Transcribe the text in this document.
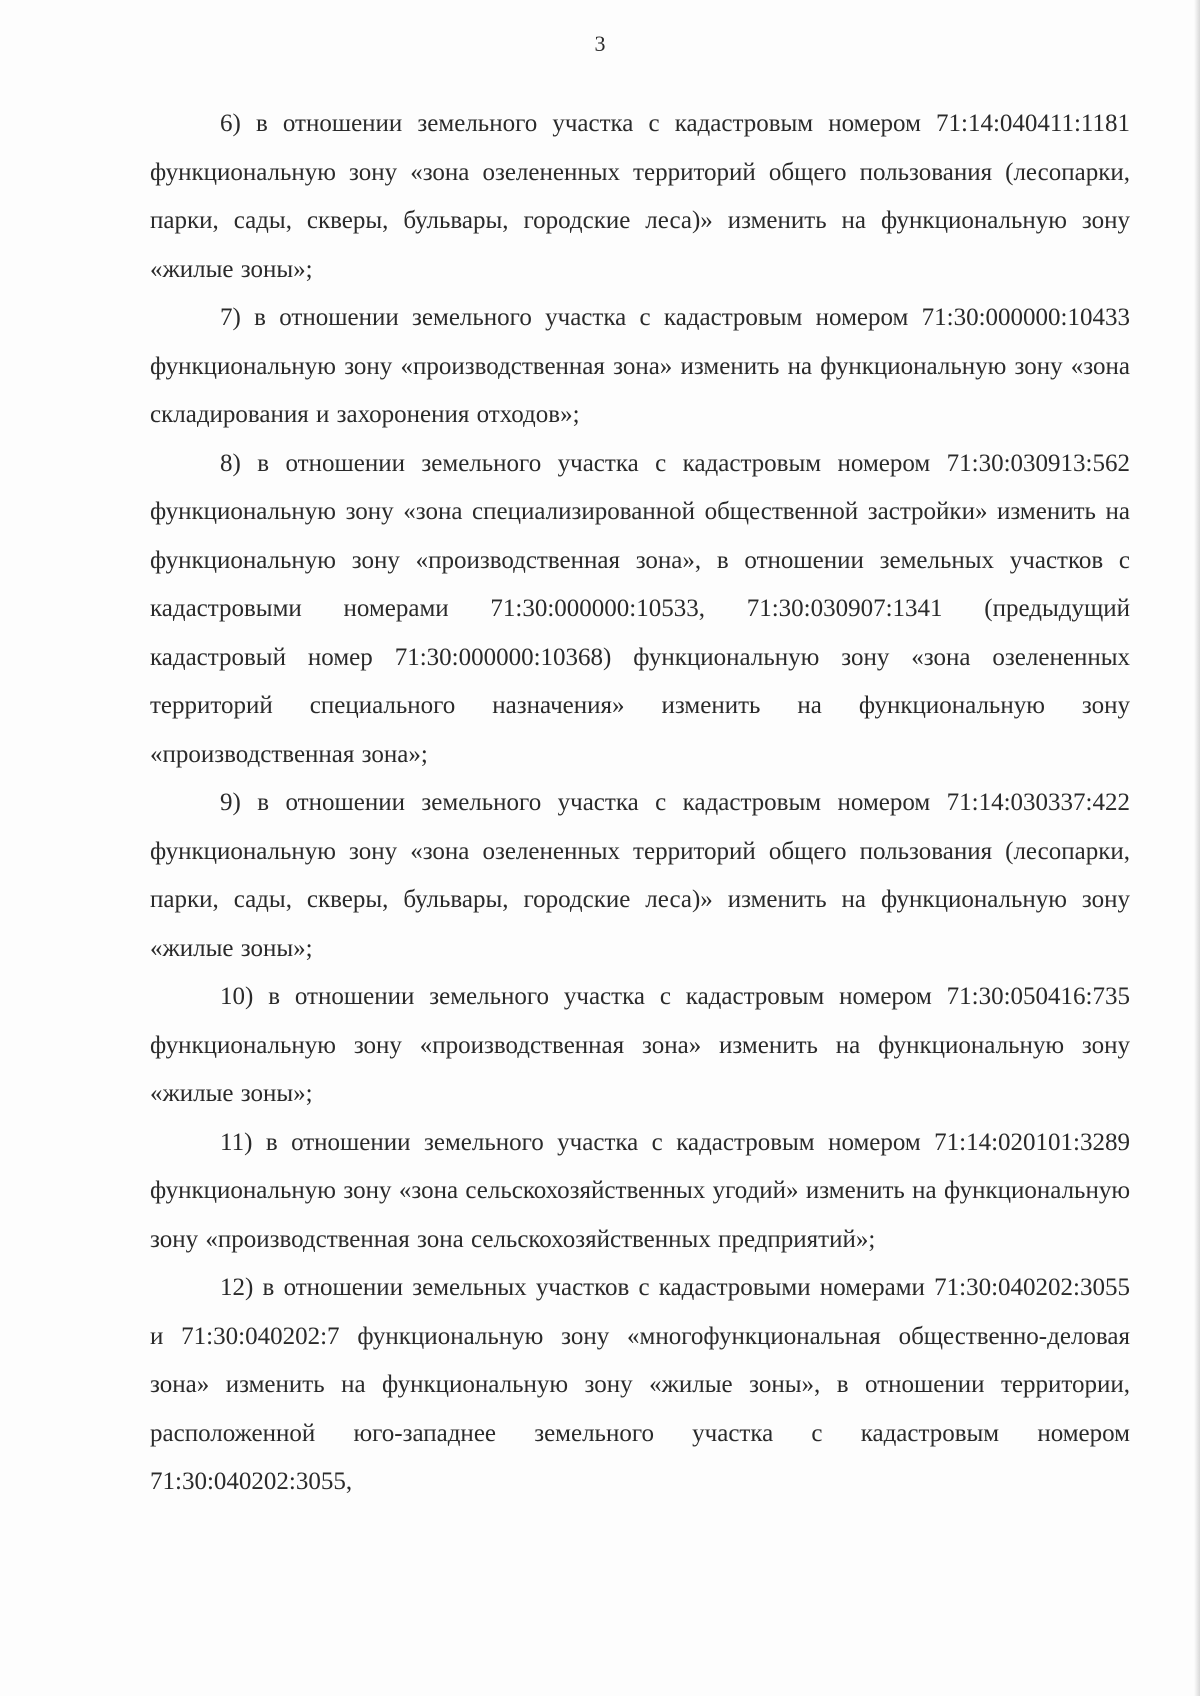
3

6) в отношении земельного участка с кадастровым номером 71:14:040411:1181 функциональную зону «зона озелененных территорий общего пользования (лесопарки, парки, сады, скверы, бульвары, городские леса)» изменить на функциональную зону «жилые зоны»;

7) в отношении земельного участка с кадастровым номером 71:30:000000:10433 функциональную зону «производственная зона» изменить на функциональную зону «зона складирования и захоронения отходов»;

8) в отношении земельного участка с кадастровым номером 71:30:030913:562 функциональную зону «зона специализированной общественной застройки» изменить на функциональную зону «производственная зона», в отношении земельных участков с кадастровыми номерами 71:30:000000:10533, 71:30:030907:1341 (предыдущий кадастровый номер 71:30:000000:10368) функциональную зону «зона озелененных территорий специального назначения» изменить на функциональную зону «производственная зона»;

9) в отношении земельного участка с кадастровым номером 71:14:030337:422 функциональную зону «зона озелененных территорий общего пользования (лесопарки, парки, сады, скверы, бульвары, городские леса)» изменить на функциональную зону «жилые зоны»;

10) в отношении земельного участка с кадастровым номером 71:30:050416:735 функциональную зону «производственная зона» изменить на функциональную зону «жилые зоны»;

11) в отношении земельного участка с кадастровым номером 71:14:020101:3289 функциональную зону «зона сельскохозяйственных угодий» изменить на функциональную зону «производственная зона сельскохозяйственных предприятий»;

12) в отношении земельных участков с кадастровыми номерами 71:30:040202:3055 и 71:30:040202:7 функциональную зону «многофункциональная общественно-деловая зона» изменить на функциональную зону «жилые зоны», в отношении территории, расположенной юго-западнее земельного участка с кадастровым номером 71:30:040202:3055,
